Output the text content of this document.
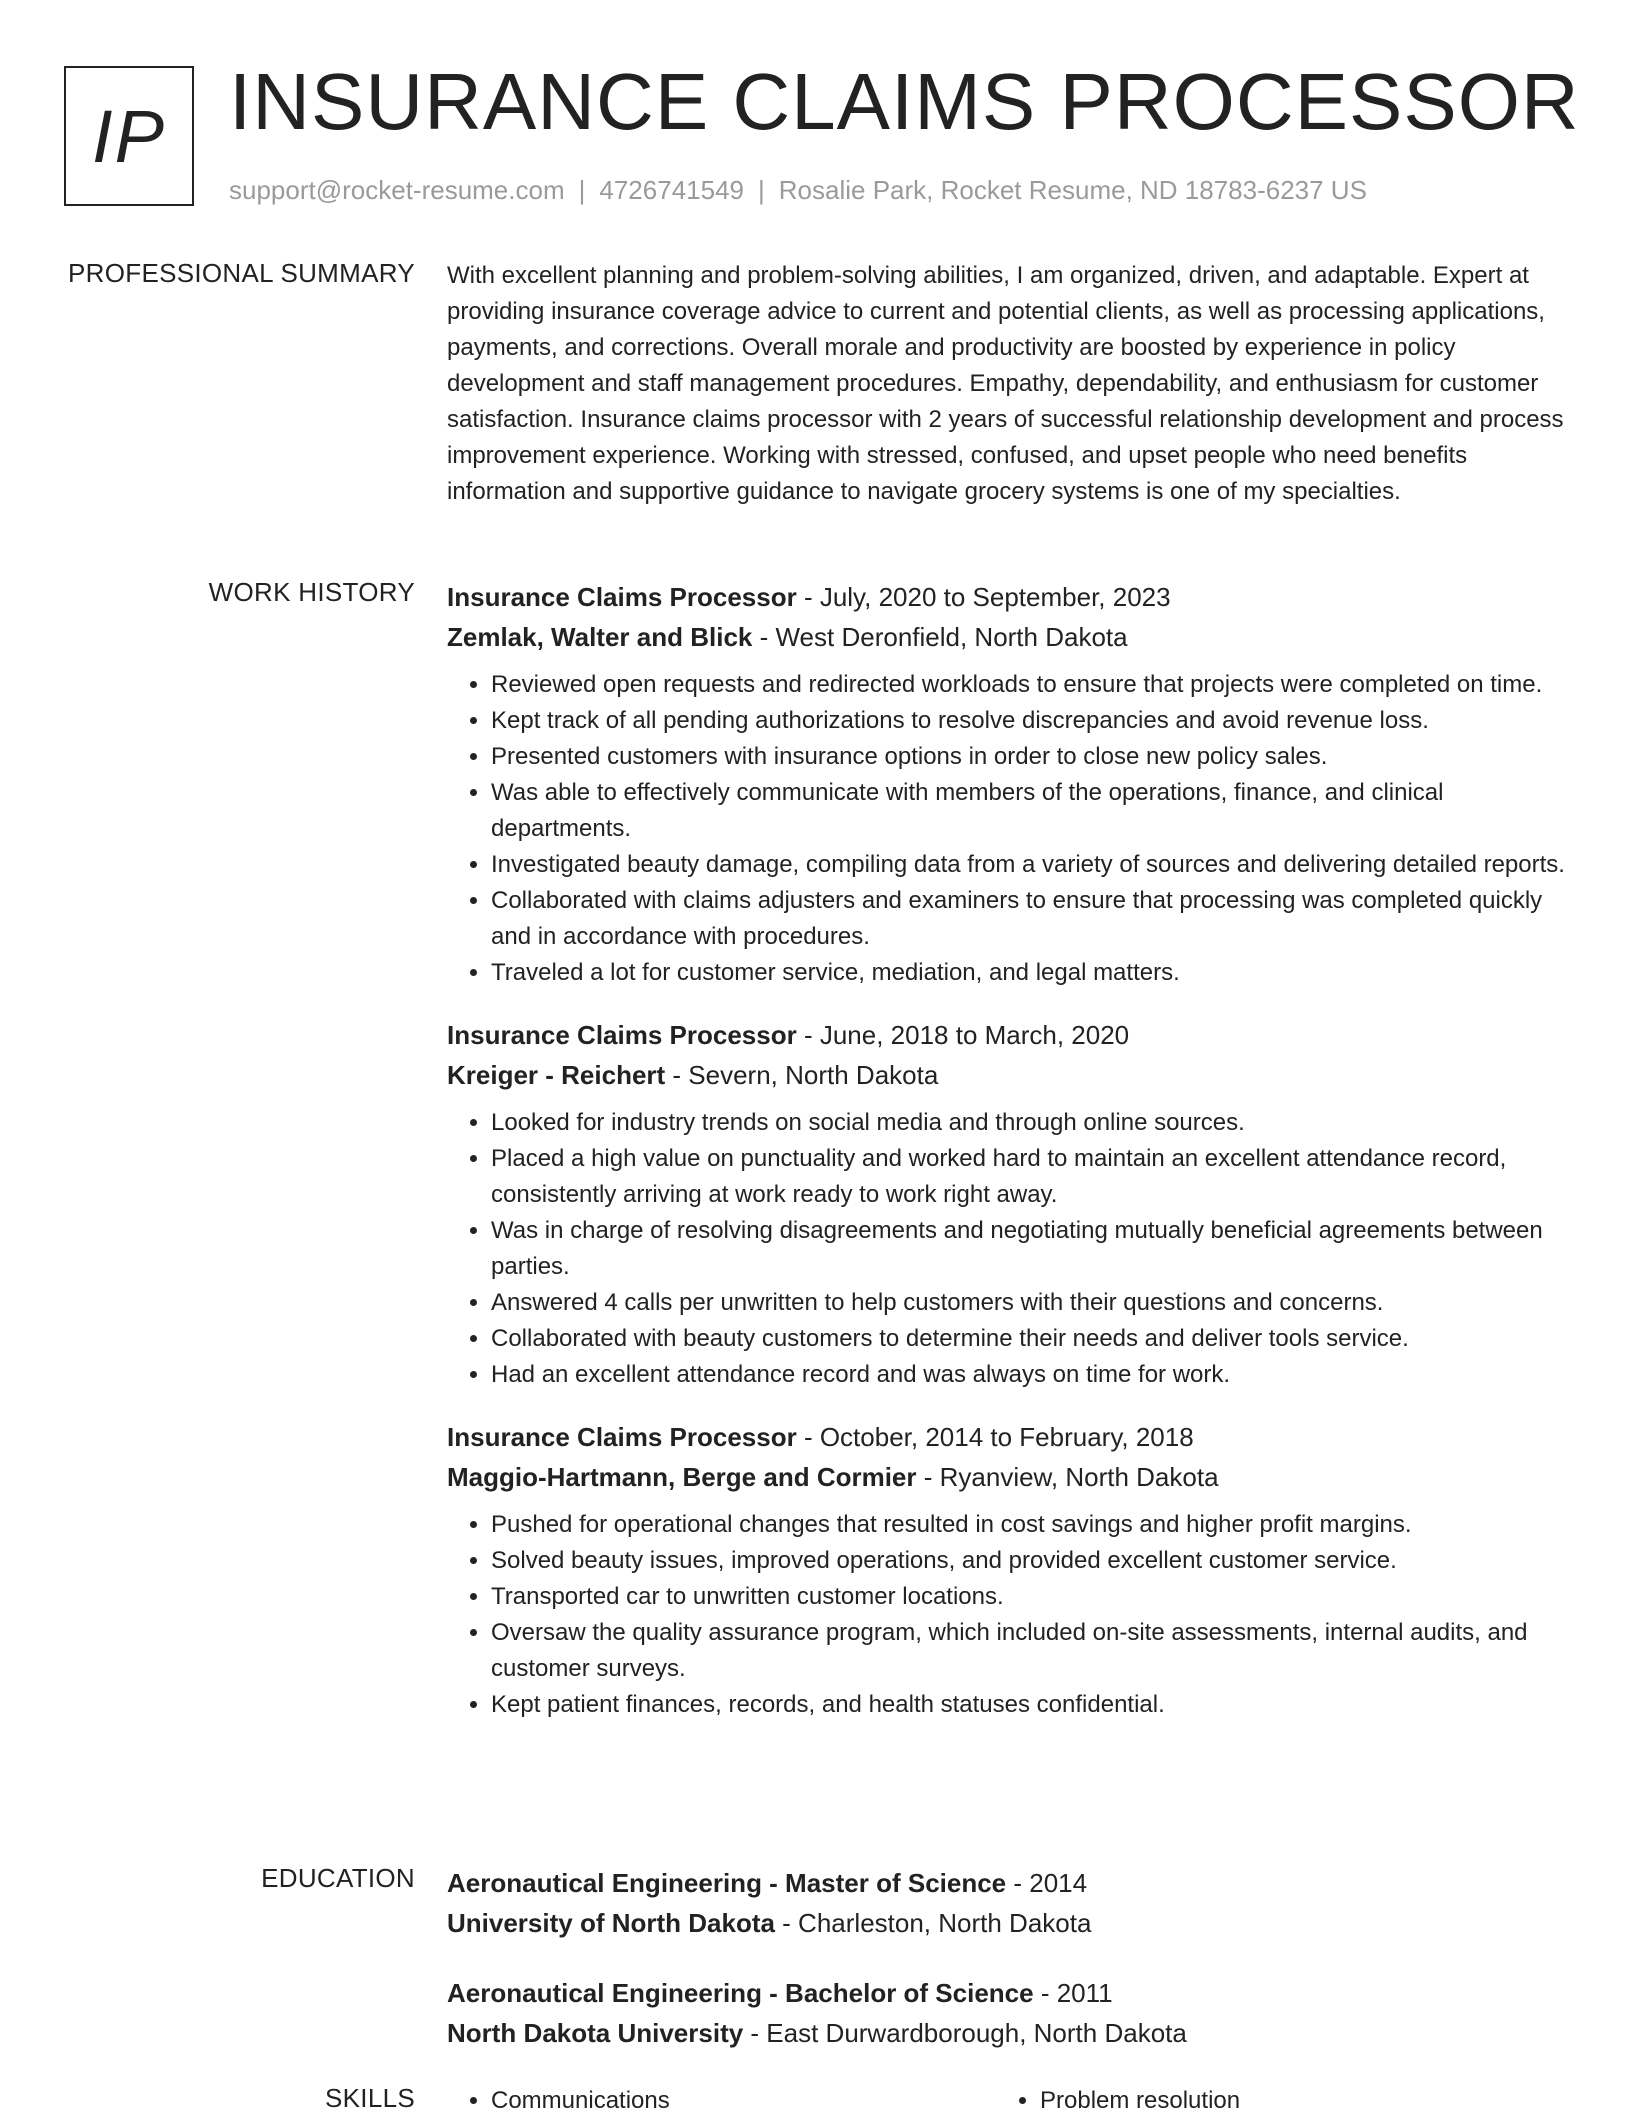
IP INSURANCE CLAIMS PROCESSOR
support@rocket-resume.com | 4726741549 | Rosalie Park, Rocket Resume, ND 18783-6237 US
PROFESSIONAL SUMMARY With excellent planning and problem-solving abilities, I am organized, driven, and adaptable. Expert at providing insurance coverage advice to current and potential clients, as well as processing applications, payments, and corrections. Overall morale and productivity are boosted by experience in policy development and staff management procedures. Empathy, dependability, and enthusiasm for customer satisfaction. Insurance claims processor with 2 years of successful relationship development and process improvement experience. Working with stressed, confused, and upset people who need benefits information and supportive guidance to navigate grocery systems is one of my specialties.

WORK HISTORY Insurance Claims Processor - July, 2020 to September, 2023
Zemlak, Walter and Blick - West Deronfield, North Dakota
• Reviewed open requests and redirected workloads to ensure that projects were completed on time.
• Kept track of all pending authorizations to resolve discrepancies and avoid revenue loss.
• Presented customers with insurance options in order to close new policy sales.
• Was able to effectively communicate with members of the operations, finance, and clinical departments.
• Investigated beauty damage, compiling data from a variety of sources and delivering detailed reports.
• Collaborated with claims adjusters and examiners to ensure that processing was completed quickly and in accordance with procedures.
• Traveled a lot for customer service, mediation, and legal matters.
Insurance Claims Processor - June, 2018 to March, 2020
Kreiger - Reichert - Severn, North Dakota
• Looked for industry trends on social media and through online sources.
• Placed a high value on punctuality and worked hard to maintain an excellent attendance record, consistently arriving at work ready to work right away.
• Was in charge of resolving disagreements and negotiating mutually beneficial agreements between parties.
• Answered 4 calls per unwritten to help customers with their questions and concerns.
• Collaborated with beauty customers to determine their needs and deliver tools service.
• Had an excellent attendance record and was always on time for work.
Insurance Claims Processor - October, 2014 to February, 2018
Maggio-Hartmann, Berge and Cormier - Ryanview, North Dakota
• Pushed for operational changes that resulted in cost savings and higher profit margins.
• Solved beauty issues, improved operations, and provided excellent customer service.
• Transported car to unwritten customer locations.
• Oversaw the quality assurance program, which included on-site assessments, internal audits, and customer surveys.
• Kept patient finances, records, and health statuses confidential.
EDUCATION Aeronautical Engineering - Master of Science - 2014
University of North Dakota - Charleston, North Dakota
Aeronautical Engineering - Bachelor of Science - 2011
North Dakota University - East Durwardborough, North Dakota
SKILLS	• Communications	• Problem resolution
